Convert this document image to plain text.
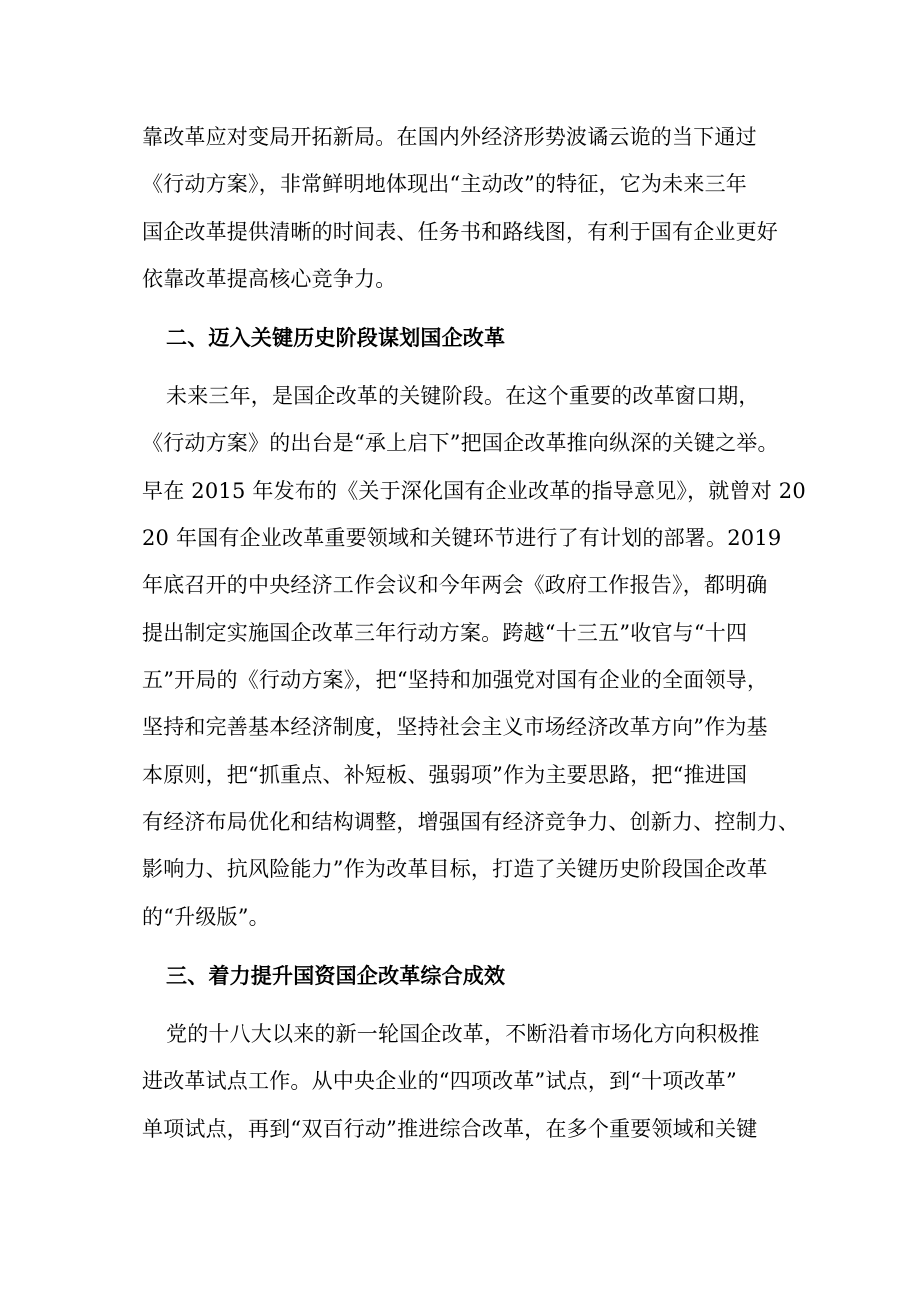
靠改革应对变局开拓新局。在国内外经济形势波谲云诡的当下通过
《行动方案》，非常鲜明地体现出“主动改”的特征，它为未来三年
国企改革提供清晰的时间表、任务书和路线图，有利于国有企业更好
依靠改革提高核心竞争力。
二、迈入关键历史阶段谋划国企改革
未来三年，是国企改革的关键阶段。在这个重要的改革窗口期，
《行动方案》的出台是“承上启下”把国企改革推向纵深的关键之举。
早在 2015 年发布的《关于深化国有企业改革的指导意见》，就曾对 20
20 年国有企业改革重要领域和关键环节进行了有计划的部署。2019
年底召开的中央经济工作会议和今年两会《政府工作报告》，都明确
提出制定实施国企改革三年行动方案。跨越“十三五”收官与“十四
五”开局的《行动方案》，把“坚持和加强党对国有企业的全面领导，
坚持和完善基本经济制度，坚持社会主义市场经济改革方向”作为基
本原则，把“抓重点、补短板、强弱项”作为主要思路，把“推进国
有经济布局优化和结构调整，增强国有经济竞争力、创新力、控制力、
影响力、抗风险能力”作为改革目标，打造了关键历史阶段国企改革
的“升级版”。
三、着力提升国资国企改革综合成效
党的十八大以来的新一轮国企改革，不断沿着市场化方向积极推
进改革试点工作。从中央企业的“四项改革”试点，到“十项改革”
单项试点，再到“双百行动”推进综合改革，在多个重要领域和关键
